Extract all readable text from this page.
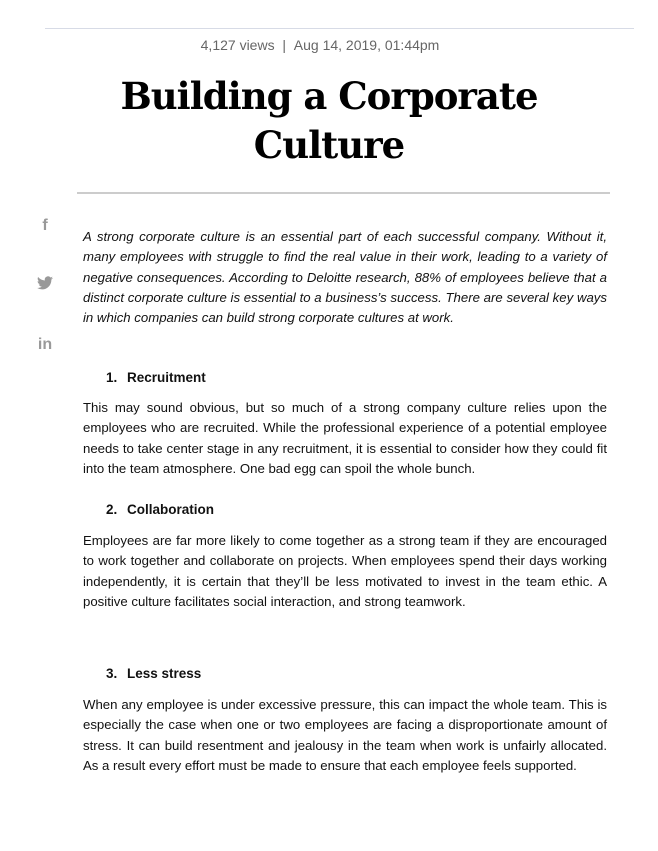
4,127 views | Aug 14, 2019, 01:44pm
Building a Corporate
Culture
f
in
A strong corporate culture is an essential part of each successful company. Without it, many employees with struggle to find the real value in their work, leading to a variety of negative consequences. According to Deloitte research, 88% of employees believe that a distinct corporate culture is essential to a business’s success. There are several key ways in which companies can build strong corporate cultures at work.
1. Recruitment
This may sound obvious, but so much of a strong company culture relies upon the employees who are recruited. While the professional experience of a potential employee needs to take center stage in any recruitment, it is essential to consider how they could fit into the team atmosphere. One bad egg can spoil the whole bunch.
2. Collaboration
Employees are far more likely to come together as a strong team if they are encouraged to work together and collaborate on projects. When employees spend their days working independently, it is certain that they’ll be less motivated to invest in the team ethic. A positive culture facilitates social interaction, and strong teamwork.
3. Less stress
When any employee is under excessive pressure, this can impact the whole team. This is especially the case when one or two employees are facing a disproportionate amount of stress. It can build resentment and jealousy in the team when work is unfairly allocated. As a result every effort must be made to ensure that each employee feels supported.
